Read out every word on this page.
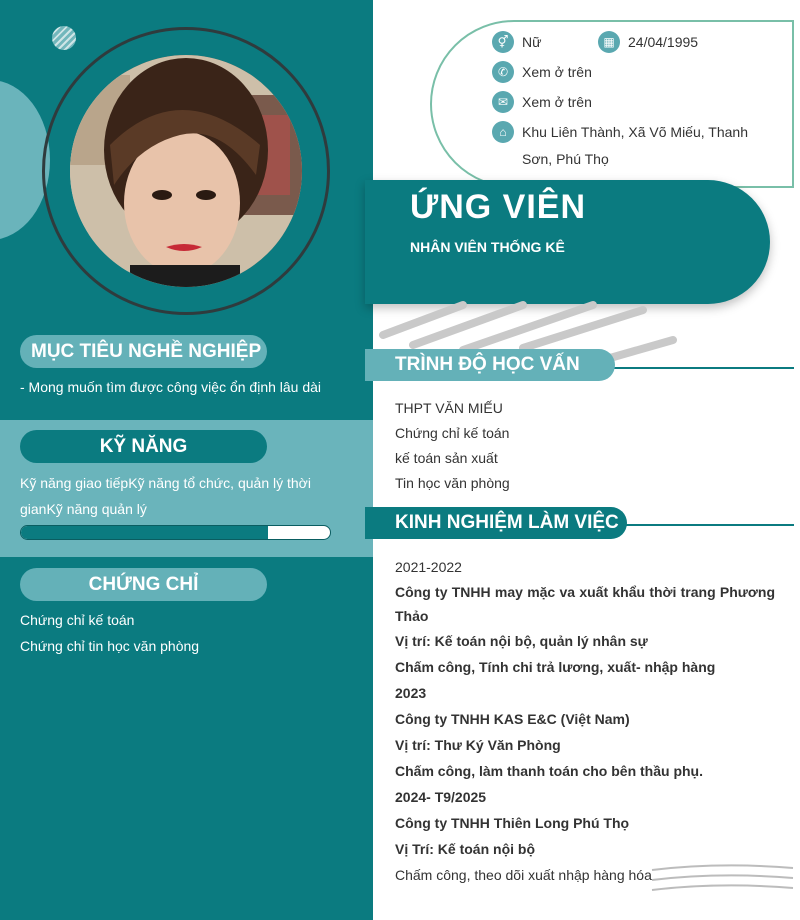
MỤC TIÊU NGHỀ NGHIỆP
- Mong muốn tìm được công việc ổn định lâu dài
KỸ NĂNG
Kỹ năng giao tiếpKỹ năng tổ chức, quản lý thời
gianKỹ năng quản lý
CHỨNG CHỈ
Chứng chỉ kế toán
Chứng chỉ tin học văn phòng
⚥ Nữ	▦ 24/04/1995
✆ Xem ở trên
✉ Xem ở trên
⌂	Khu Liên Thành, Xã Võ Miếu, Thanh
Sơn, Phú Thọ
ỨNG VIÊN
NHÂN VIÊN THỐNG KÊ
TRÌNH ĐỘ HỌC VẤN
THPT VĂN MIẾU
Chứng chỉ kế toán
kế toán sản xuất
Tin học văn phòng
KINH NGHIỆM LÀM VIỆC
2021-2022
Công ty TNHH may mặc va xuất khẩu thời trang Phương Thảo
Vị trí: Kế toán nội bộ, quản lý nhân sự
Chấm công, Tính chi trả lương, xuất- nhập hàng
2023
Công ty TNHH KAS E&C (Việt Nam)
Vị trí: Thư Ký Văn Phòng
Chấm công, làm thanh toán cho bên thầu phụ.
2024- T9/2025
Công ty TNHH Thiên Long Phú Thọ
Vị Trí: Kế toán nội bộ
Chấm công, theo dõi xuất nhập hàng hóa
